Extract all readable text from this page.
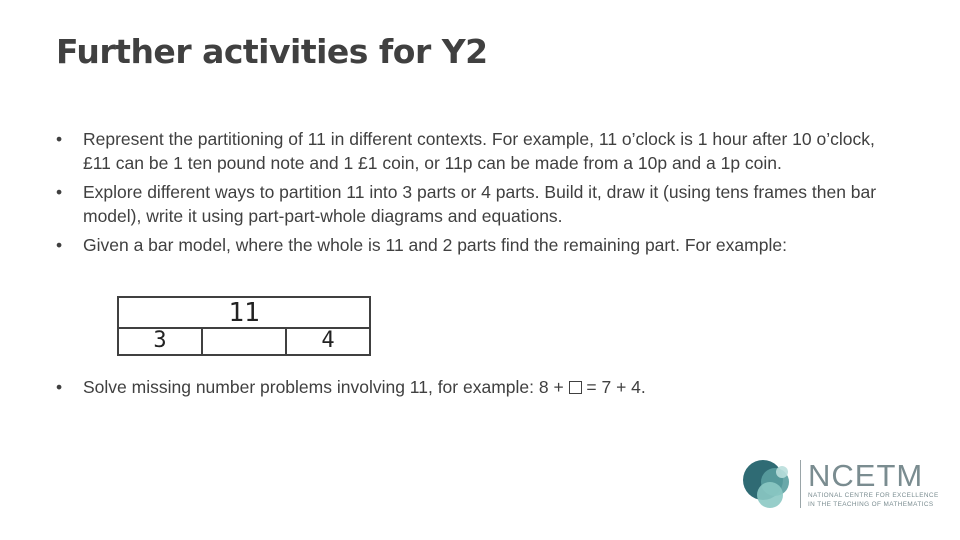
Further activities for Y2
• Represent the partitioning of 11 in different contexts. For example, 11 o’clock is 1 hour after 10 o’clock, £11 can be 1 ten pound note and 1 £1 coin, or 11p can be made from a 10p and a 1p coin.
• Explore different ways to partition 11 into 3 parts or 4 parts. Build it, draw it (using tens frames then bar model), write it using part-part-whole diagrams and equations.
• Given a bar model, where the whole is 11 and 2 parts find the remaining part. For example:
11
3	4
• Solve missing number problems involving 11, for example: 8 +  = 7 + 4.
NCETM
NATIONAL CENTRE FOR EXCELLENCE
IN THE TEACHING OF MATHEMATICS
